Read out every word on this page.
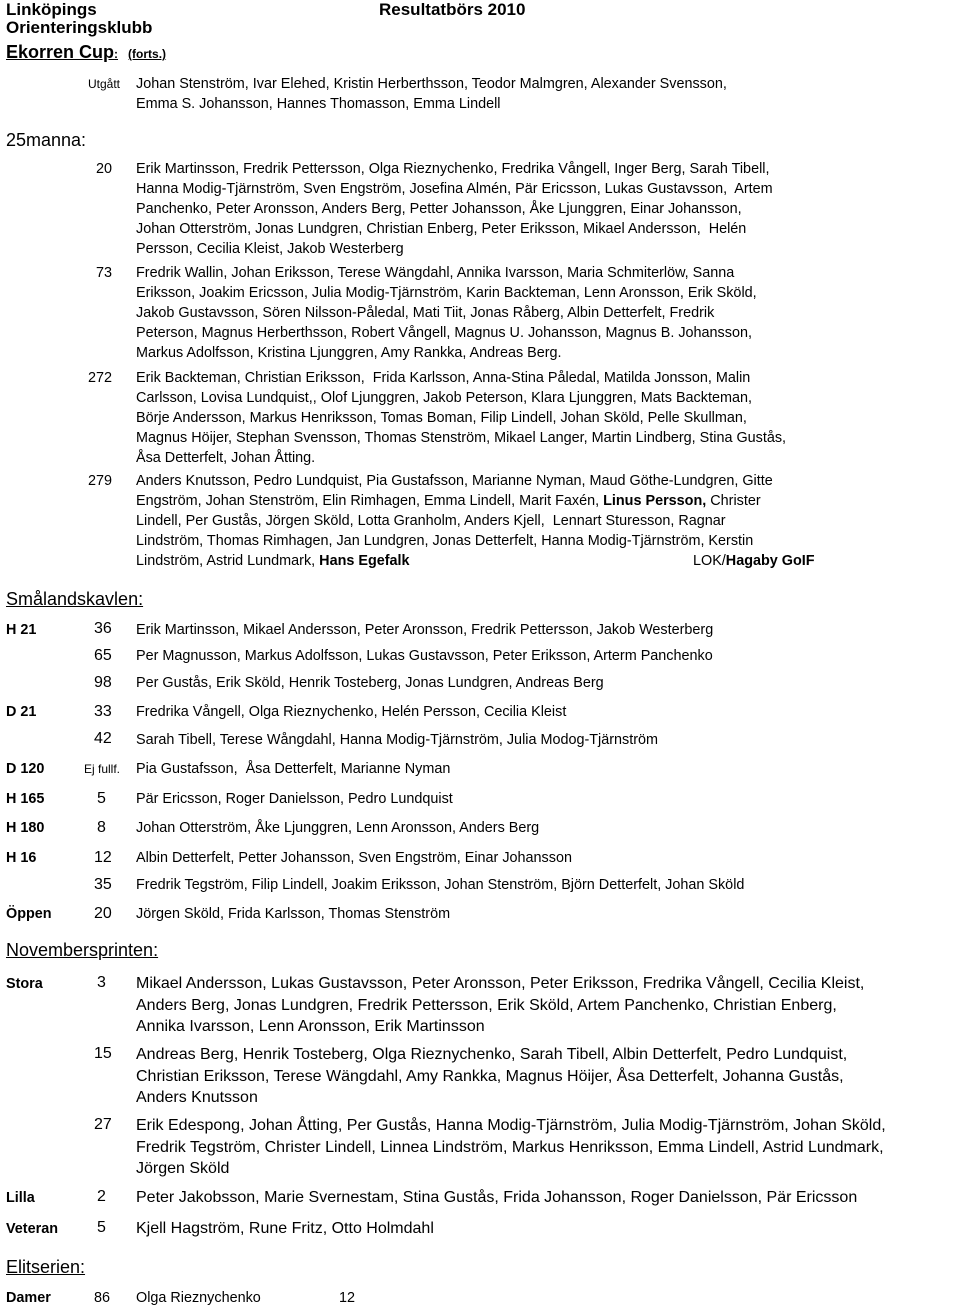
Linköpings
Orienteringsklubb
Resultatbörs 2010
Ekorren Cup: (forts.)
Utgått Johan Stenström, Ivar Elehed, Kristin Herberthsson, Teodor Malmgren, Alexander Svensson,
Emma S. Johansson, Hannes Thomasson, Emma Lindell
25manna:
20 Erik Martinsson, Fredrik Pettersson, Olga Rieznychenko, Fredrika Vångell, Inger Berg, Sarah Tibell,
Hanna Modig-Tjärnström, Sven Engström, Josefina Almén, Pär Ericsson, Lukas Gustavsson,  Artem
Panchenko, Peter Aronsson, Anders Berg, Petter Johansson, Åke Ljunggren, Einar Johansson,
Johan Otterström, Jonas Lundgren, Christian Enberg, Peter Eriksson, Mikael Andersson,  Helén
Persson, Cecilia Kleist, Jakob Westerberg
73 Fredrik Wallin, Johan Eriksson, Terese Wängdahl, Annika Ivarsson, Maria Schmiterlöw, Sanna
Eriksson, Joakim Ericsson, Julia Modig-Tjärnström, Karin Backteman, Lenn Aronsson, Erik Sköld,
Jakob Gustavsson, Sören Nilsson-Påledal, Mati Tiit, Jonas Råberg, Albin Detterfelt, Fredrik
Peterson, Magnus Herberthsson, Robert Vångell, Magnus U. Johansson, Magnus B. Johansson,
Markus Adolfsson, Kristina Ljunggren, Amy Rankka, Andreas Berg.
272 Erik Backteman, Christian Eriksson,  Frida Karlsson, Anna-Stina Påledal, Matilda Jonsson, Malin
Carlsson, Lovisa Lundquist,, Olof Ljunggren, Jakob Peterson, Klara Ljunggren, Mats Backteman,
Börje Andersson, Markus Henriksson, Tomas Boman, Filip Lindell, Johan Sköld, Pelle Skullman,
Magnus Höijer, Stephan Svensson, Thomas Stenström, Mikael Langer, Martin Lindberg, Stina Gustås,
Åsa Detterfelt, Johan Åtting.
279 Anders Knutsson, Pedro Lundquist, Pia Gustafsson, Marianne Nyman, Maud Göthe-Lundgren, Gitte
Engström, Johan Stenström, Elin Rimhagen, Emma Lindell, Marit Faxén, Linus Persson, Christer
Lindell, Per Gustås, Jörgen Sköld, Lotta Granholm, Anders Kjell,  Lennart Sturesson, Ragnar
Lindström, Thomas Rimhagen, Jan Lundgren, Jonas Detterfelt, Hanna Modig-Tjärnström, Kerstin
Lindström, Astrid Lundmark, Hans Egefalk	LOK/Hagaby GoIF
Smålandskavlen:
H 21	36 Erik Martinsson, Mikael Andersson, Peter Aronsson, Fredrik Pettersson, Jakob Westerberg
65 Per Magnusson, Markus Adolfsson, Lukas Gustavsson, Peter Eriksson, Arterm Panchenko
98 Per Gustås, Erik Sköld, Henrik Tosteberg, Jonas Lundgren, Andreas Berg
D 21	33 Fredrika Vångell, Olga Rieznychenko, Helén Persson, Cecilia Kleist
42 Sarah Tibell, Terese Wångdahl, Hanna Modig-Tjärnström, Julia Modog-Tjärnström
D 120	Ej fullf. Pia Gustafsson,  Åsa Detterfelt, Marianne Nyman
H 165	5 Pär Ericsson, Roger Danielsson, Pedro Lundquist
H 180	8 Johan Otterström, Åke Ljunggren, Lenn Aronsson, Anders Berg
H 16	12 Albin Detterfelt, Petter Johansson, Sven Engström, Einar Johansson
35 Fredrik Tegström, Filip Lindell, Joakim Eriksson, Johan Stenström, Björn Detterfelt, Johan Sköld
Öppen	20 Jörgen Sköld, Frida Karlsson, Thomas Stenström
Novembersprinten:
Stora	3 Mikael Andersson, Lukas Gustavsson, Peter Aronsson, Peter Eriksson, Fredrika Vångell, Cecilia Kleist,
Anders Berg, Jonas Lundgren, Fredrik Pettersson, Erik Sköld, Artem Panchenko, Christian Enberg,
Annika Ivarsson, Lenn Aronsson, Erik Martinsson
15 Andreas Berg, Henrik Tosteberg, Olga Rieznychenko, Sarah Tibell, Albin Detterfelt, Pedro Lundquist,
Christian Eriksson, Terese Wängdahl, Amy Rankka, Magnus Höijer, Åsa Detterfelt, Johanna Gustås,
Anders Knutsson
27 Erik Edespong, Johan Åtting, Per Gustås, Hanna Modig-Tjärnström, Julia Modig-Tjärnström, Johan Sköld,
Fredrik Tegström, Christer Lindell, Linnea Lindström, Markus Henriksson, Emma Lindell, Astrid Lundmark,
Jörgen Sköld
Lilla	2 Peter Jakobsson, Marie Svernestam, Stina Gustås, Frida Johansson, Roger Danielsson, Pär Ericsson
Veteran 5 Kjell Hagström, Rune Fritz, Otto Holmdahl
Elitserien:
Damer	86 Olga Rieznychenko	12
